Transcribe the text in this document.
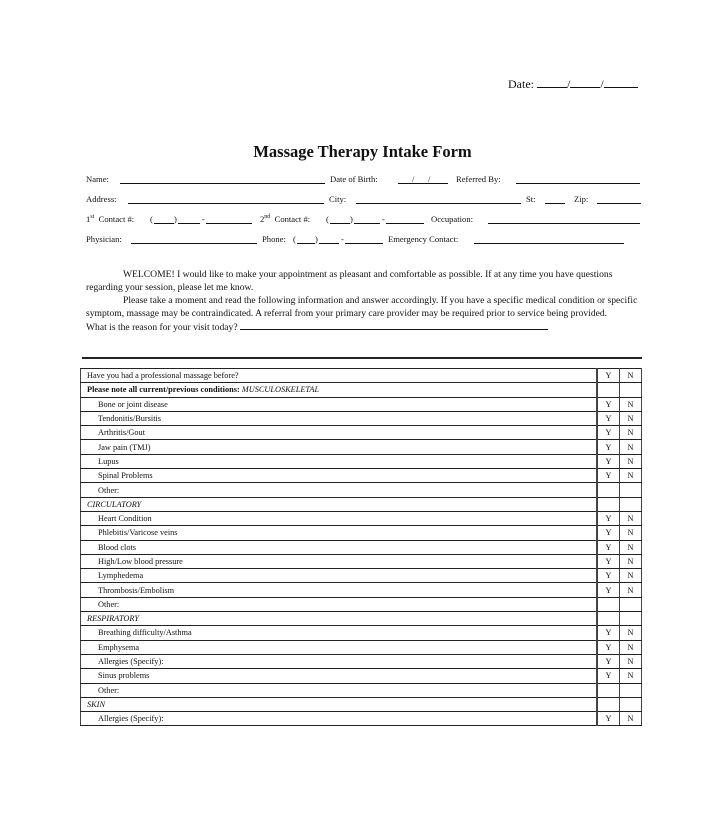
Date:	/	/
Massage Therapy Intake Form
Name:	Date of Birth:	/ /	Referred By:
Address:	City:	St:	Zip:
1st Contact #: ( )	-	2nd Contact #: ( )	-	Occupation:
Physician:	Phone: ( )	-	Emergency Contact:

WELCOME! I would like to make your appointment as pleasant and comfortable as possible. If at any time you have questions regarding your session, please let me know.

Please take a moment and read the following information and answer accordingly. If you have a specific medical condition or specific symptom, massage may be contraindicated. A referral from your primary care provider may be required prior to service being provided.

What is the reason for your visit today?

Have you had a professional massage before?	Y	N
Please note all current/previous conditions: MUSCULOSKELETAL		
Bone or joint disease	Y	N
Tendonitis/Bursitis	Y	N
Arthritis/Gout	Y	N
Jaw pain (TMJ)	Y	N
Lupus	Y	N
Spinal Problems	Y	N
Other:		
CIRCULATORY		
Heart Condition	Y	N
Phlebitis/Varicose veins	Y	N
Blood clots	Y	N
High/Low blood pressure	Y	N
Lymphedema	Y	N
Thrombosis/Embolism	Y	N
Other:		
RESPIRATORY		
Breathing difficulty/Asthma	Y	N
Emphysema	Y	N
Allergies (Specify):	Y	N
Sinus problems	Y	N
Other:		
SKIN		
Allergies (Specify):	Y	N
